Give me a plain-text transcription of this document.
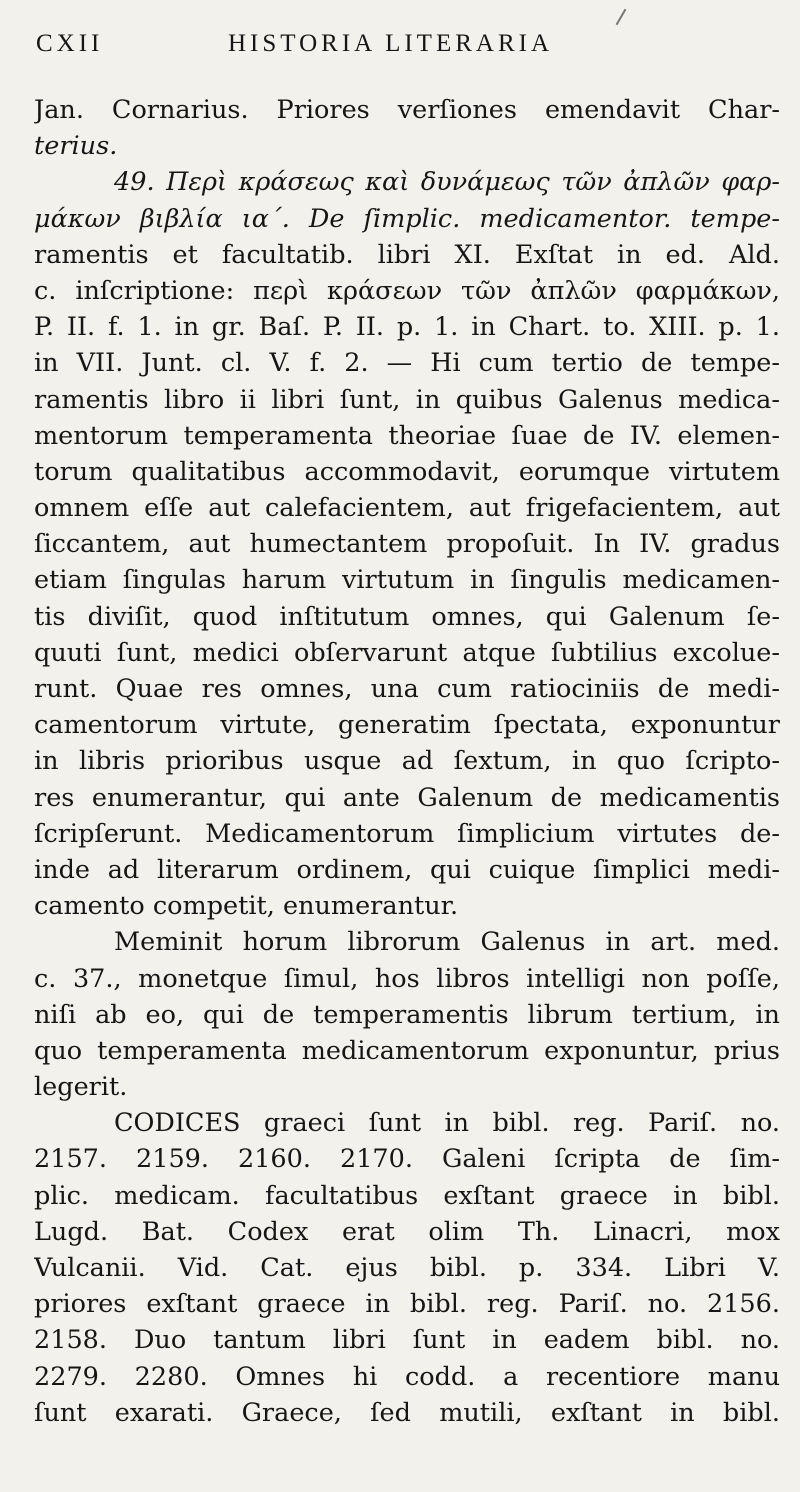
CXII	HISTORIA LITERARIA
Jan. Cornarius. Priores verſiones emendavit Char-
terius.
49. Περὶ κράσεως καὶ δυνάμεως τῶν ἀπλῶν φαρ-
μάκων βιβλία ια΄. De ſimplic. medicamentor. tempe-
ramentis et facultatib. libri XI. Exſtat in ed. Ald.
c. inſcriptione: περὶ κράσεων τῶν ἀπλῶν φαρμάκων,
P. II. f. 1. in gr. Baſ. P. II. p. 1. in Chart. to. XIII. p. 1.
in VII. Junt. cl. V. f. 2. — Hi cum tertio de tempe-
ramentis libro ii libri ſunt, in quibus Galenus medica-
mentorum temperamenta theoriae ſuae de IV. elemen-
torum qualitatibus accommodavit, eorumque virtutem
omnem eſſe aut calefacientem, aut frigefacientem, aut
ſiccantem, aut humectantem propoſuit. In IV. gradus
etiam ſingulas harum virtutum in ſingulis medicamen-
tis diviſit, quod inſtitutum omnes, qui Galenum ſe-
quuti ſunt, medici obſervarunt atque ſubtilius excolue-
runt. Quae res omnes, una cum ratiociniis de medi-
camentorum virtute, generatim ſpectata, exponuntur
in libris prioribus usque ad ſextum, in quo ſcripto-
res enumerantur, qui ante Galenum de medicamentis
ſcripſerunt. Medicamentorum ſimplicium virtutes de-
inde ad literarum ordinem, qui cuique ſimplici medi-
camento competit, enumerantur.
Meminit horum librorum Galenus in art. med.
c. 37., monetque ſimul, hos libros intelligi non poſſe,
niſi ab eo, qui de temperamentis librum tertium, in
quo temperamenta medicamentorum exponuntur, prius
legerit.
CODICES graeci ſunt in bibl. reg. Pariſ. no.
2157. 2159. 2160. 2170. Galeni ſcripta de ſim-
plic. medicam. facultatibus exſtant graece in bibl.
Lugd. Bat. Codex erat olim Th. Linacri, mox
Vulcanii. Vid. Cat. ejus bibl. p. 334. Libri V.
priores exſtant graece in bibl. reg. Pariſ. no. 2156.
2158. Duo tantum libri ſunt in eadem bibl. no.
2279. 2280. Omnes hi codd. a recentiore manu
ſunt exarati. Graece, ſed mutili, exſtant in bibl.
